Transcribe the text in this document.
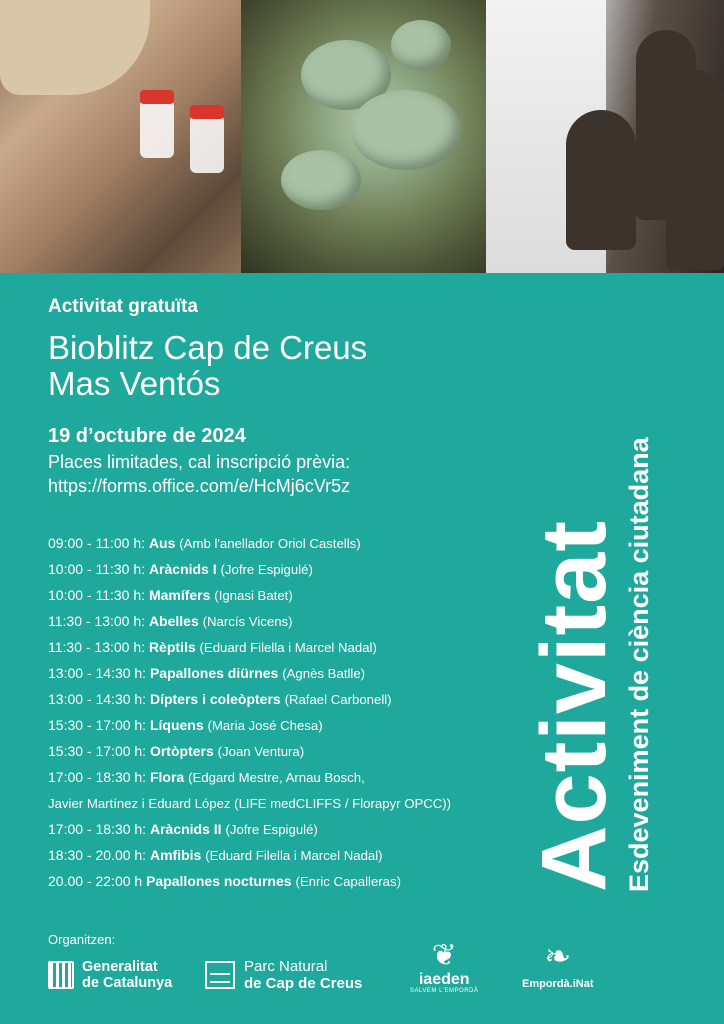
Activitat gratuïta
Bioblitz Cap de Creus
Mas Ventós
19 d’octubre de 2024
Places limitades, cal inscripció prèvia:
https://forms.office.com/e/HcMj6cVr5z
09:00 - 11:00 h: Aus (Amb l'anellador Oriol Castells)
10:00 - 11:30 h: Aràcnids I (Jofre Espigulé)
10:00 - 11:30 h: Mamífers (Ignasi Batet)
11:30 - 13:00 h: Abelles (Narcís Vicens)
11:30 - 13:00 h: Rèptils (Eduard Filella i Marcel Nadal)
13:00 - 14:30 h: Papallones diürnes (Agnès Batlle)
13:00 - 14:30 h: Dípters i coleòpters (Rafael Carbonell)
15:30 - 17:00 h: Líquens (Maria José Chesa)
15:30 - 17:00 h: Ortòpters (Joan Ventura)
17:00 - 18:30 h: Flora (Edgard Mestre, Arnau Bosch,
Javier Martínez i Eduard López (LIFE medCLIFFS / Florapyr OPCC))
17:00 - 18:30 h: Aràcnids II (Jofre Espigulé)
18:30 - 20.00 h: Amfibis (Eduard Filella i Marcel Nadal)
20.00 - 22:00 h Papallones nocturnes (Enric Capalleras)	Activitat Esdeveniment de ciència ciutadana
Organitzen:
Generalitat
de Catalunya
Parc Natural
de Cap de Creus
❦
iaeden
SALVEM L'EMPORDÀ
❧
Empordà.iNat
